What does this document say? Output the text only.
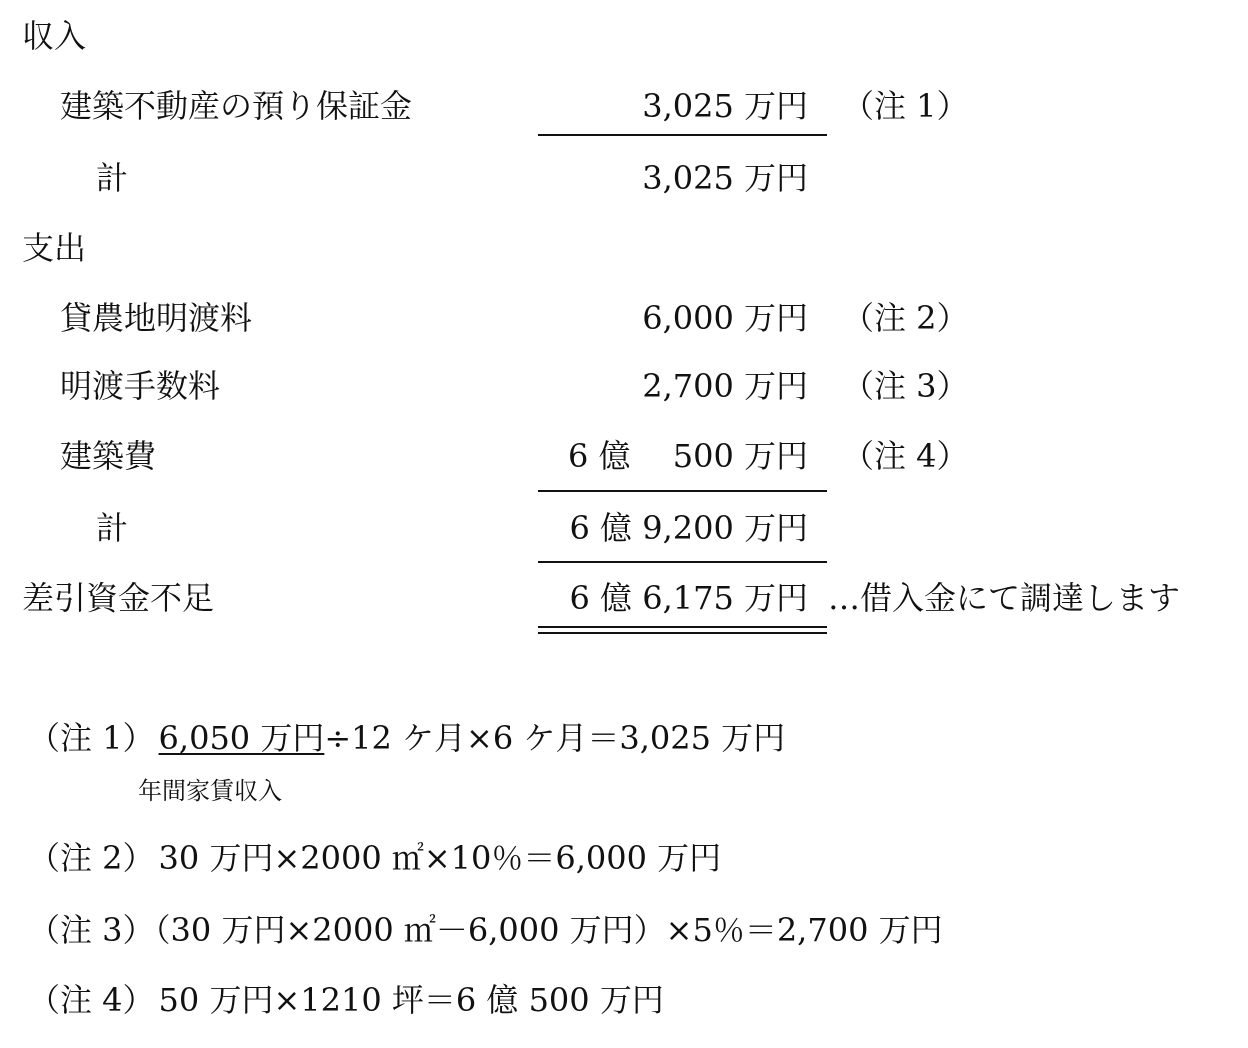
収入
建築不動産の預り保証金	3,025 万円 （注 1）
計	3,025 万円
支出
貸農地明渡料	6,000 万円 （注 2）
明渡手数料	2,700 万円 （注 3）
建築費	6 億　 500 万円 （注 4）
計	6 億 9,200 万円
差引資金不足	6 億 6,175 万円 …借入金にて調達します
（注 1） 6,050 万円÷12 ケ月×6 ケ月＝3,025 万円
年間家賃収入
（注 2） 30 万円×2000 ㎡×10％＝6,000 万円
（注 3）（30 万円×2000 ㎡－6,000 万円）×5％＝2,700 万円
（注 4） 50 万円×1210 坪＝6 億 500 万円
